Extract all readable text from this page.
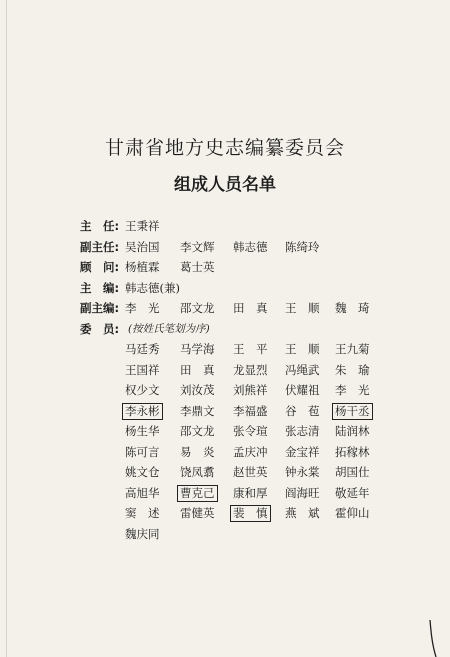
甘肃省地方史志编纂委员会
组成人员名单
主　任: 王秉祥
副主任: 吴治国 李文辉 韩志德 陈绮玲
顾　问: 杨植霖 葛士英
主　编: 韩志德(兼)
副主编: 李　光 邵文龙 田　真 王　顺 魏　琦
委　员: (按姓氏笔划为序)
马廷秀 马学海 王　平 王　顺 王九菊
王国祥 田　真 龙显烈 冯绳武 朱　瑜
权少文 刘汝茂 刘熊祥 伏耀祖 李　光
李永彬 李鼎文 李福盛 谷　苞 杨干丞
杨生华 邵文龙 张令瑄 张志清 陆润林
陈可言 易　炎 孟庆冲 金宝祥 拓稼林
姚文仓 饶凤翥 赵世英 钟永棠 胡国仕
高旭华 曹克己 康和厚 阎海旺 敬延年
窦　述 雷健英 裴　慎 燕　斌 霍仰山
魏庆同
